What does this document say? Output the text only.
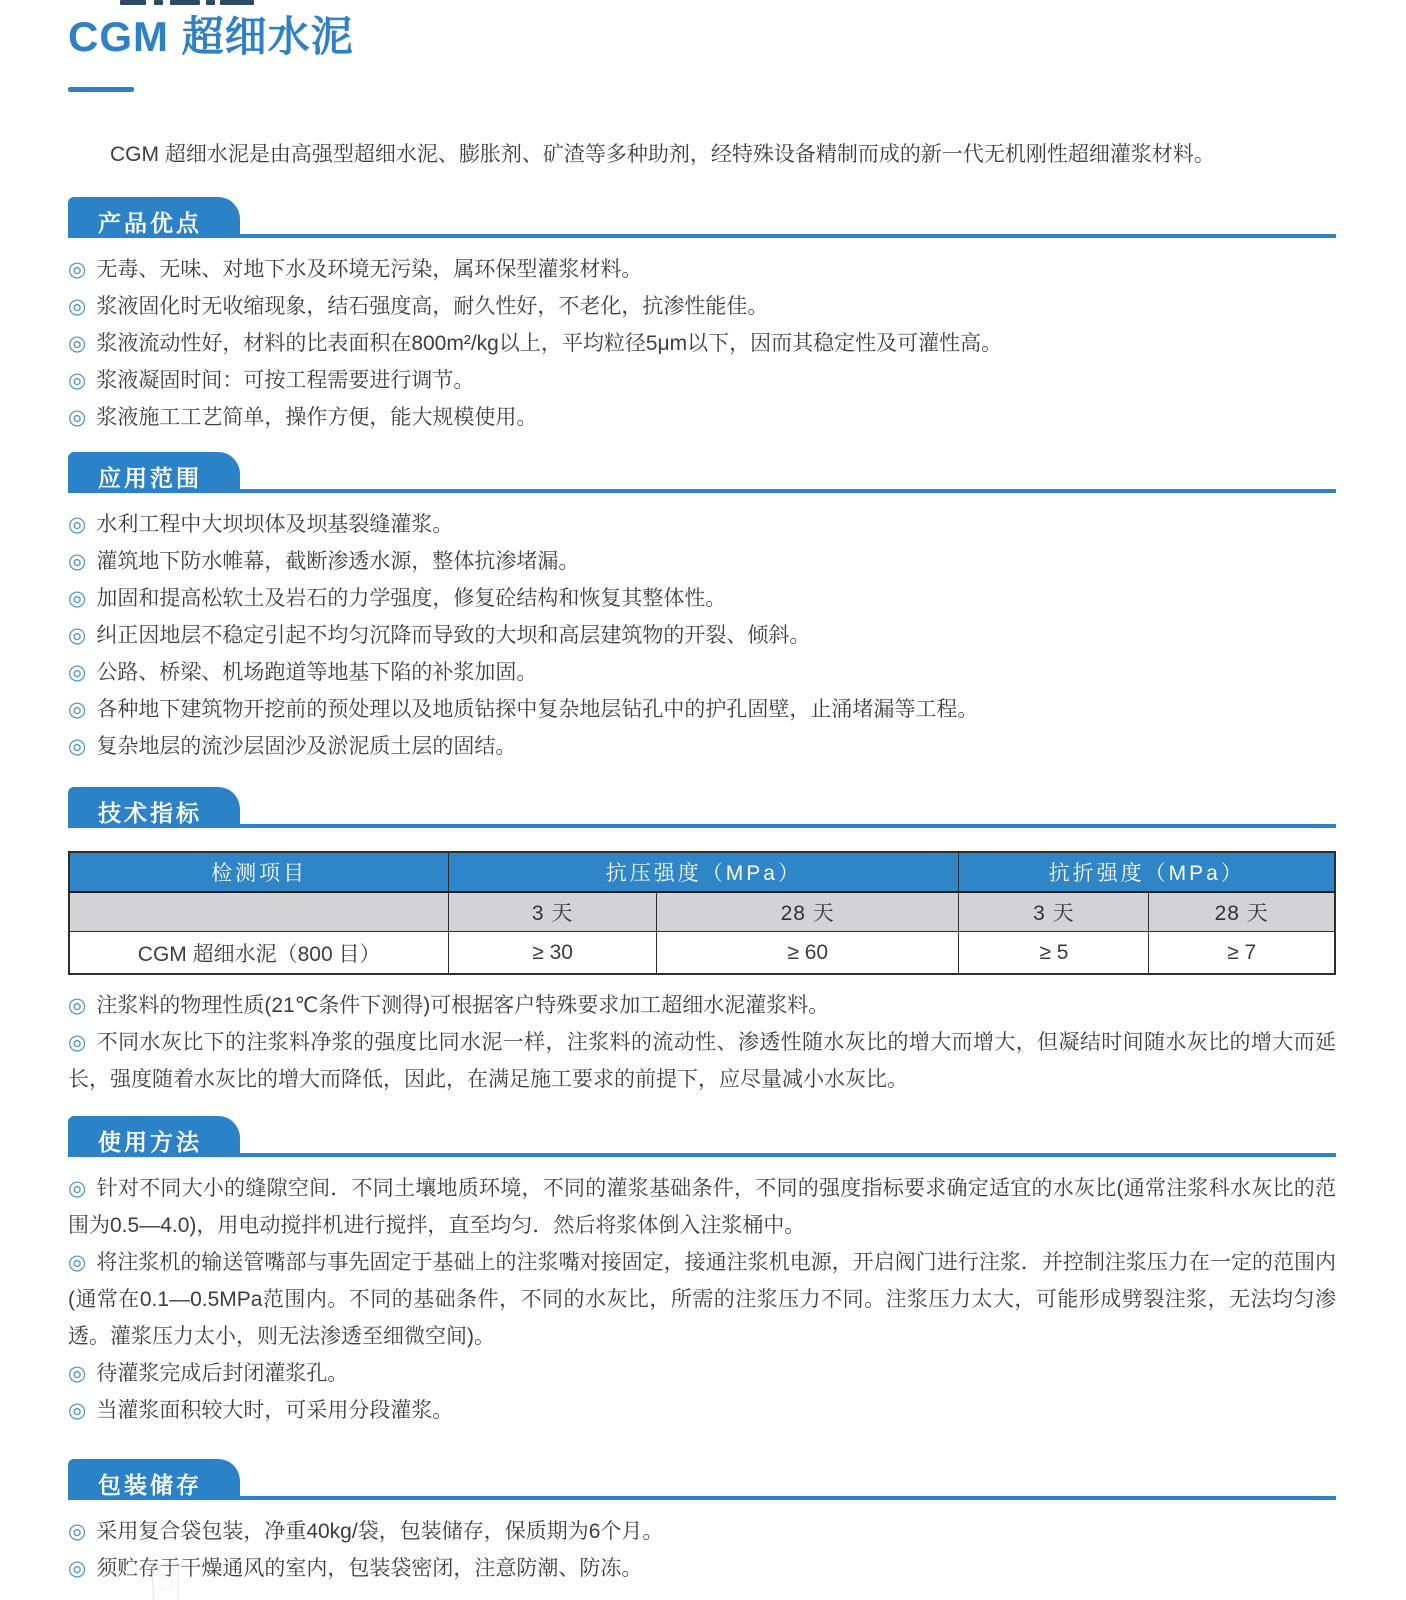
CGM 超细水泥

CGM 超细水泥是由高强型超细水泥、膨胀剂、矿渣等多种助剂，经特殊设备精制而成的新一代无机刚性超细灌浆材料。

产品优点
◎ 无毒、无味、对地下水及环境无污染，属环保型灌浆材料。
◎ 浆液固化时无收缩现象，结石强度高，耐久性好，不老化，抗渗性能佳。
◎ 浆液流动性好，材料的比表面积在800m²/kg以上，平均粒径5μm以下，因而其稳定性及可灌性高。
◎ 浆液凝固时间：可按工程需要进行调节。
◎ 浆液施工工艺简单，操作方便，能大规模使用。
应用范围
◎ 水利工程中大坝坝体及坝基裂缝灌浆。
◎ 灌筑地下防水帷幕，截断渗透水源，整体抗渗堵漏。
◎ 加固和提高松软土及岩石的力学强度，修复砼结构和恢复其整体性。
◎ 纠正因地层不稳定引起不均匀沉降而导致的大坝和高层建筑物的开裂、倾斜。
◎ 公路、桥梁、机场跑道等地基下陷的补浆加固。
◎ 各种地下建筑物开挖前的预处理以及地质钻探中复杂地层钻孔中的护孔固壁，止涌堵漏等工程。
◎ 复杂地层的流沙层固沙及淤泥质土层的固结。
技术指标
检测项目	抗压强度（MPa）		抗折强度（MPa）	
	3 天	28 天	3 天	28 天
CGM 超细水泥（800 目）	≥ 30	≥ 60	≥ 5	≥ 7
◎ 注浆料的物理性质(21℃条件下测得)可根据客户特殊要求加工超细水泥灌浆料。
◎ 不同水灰比下的注浆料净浆的强度比同水泥一样，注浆料的流动性、渗透性随水灰比的增大而增大，但凝结时间随水灰比的增大而延长，强度随着水灰比的增大而降低，因此，在满足施工要求的前提下，应尽量减小水灰比。
使用方法
◎ 针对不同大小的缝隙空间．不同土壤地质环境，不同的灌浆基础条件，不同的强度指标要求确定适宜的水灰比(通常注浆科水灰比的范围为0.5—4.0)，用电动搅拌机进行搅拌，直至均匀．然后将浆体倒入注浆桶中。
◎ 将注浆机的输送管嘴部与事先固定于基础上的注浆嘴对接固定，接通注浆机电源，开启阀门进行注浆．并控制注浆压力在一定的范围内(通常在0.1—0.5MPa范围内。不同的基础条件，不同的水灰比，所需的注浆压力不同。注浆压力太大，可能形成劈裂注浆，无法均匀渗透。灌浆压力太小，则无法渗透至细微空间)。
◎ 待灌浆完成后封闭灌浆孔。
◎ 当灌浆面积较大时，可采用分段灌浆。
包装储存
◎ 采用复合袋包装，净重40kg/袋，包装储存，保质期为6个月。
◎ 须贮存于干燥通风的室内，包装袋密闭，注意防潮、防冻。
